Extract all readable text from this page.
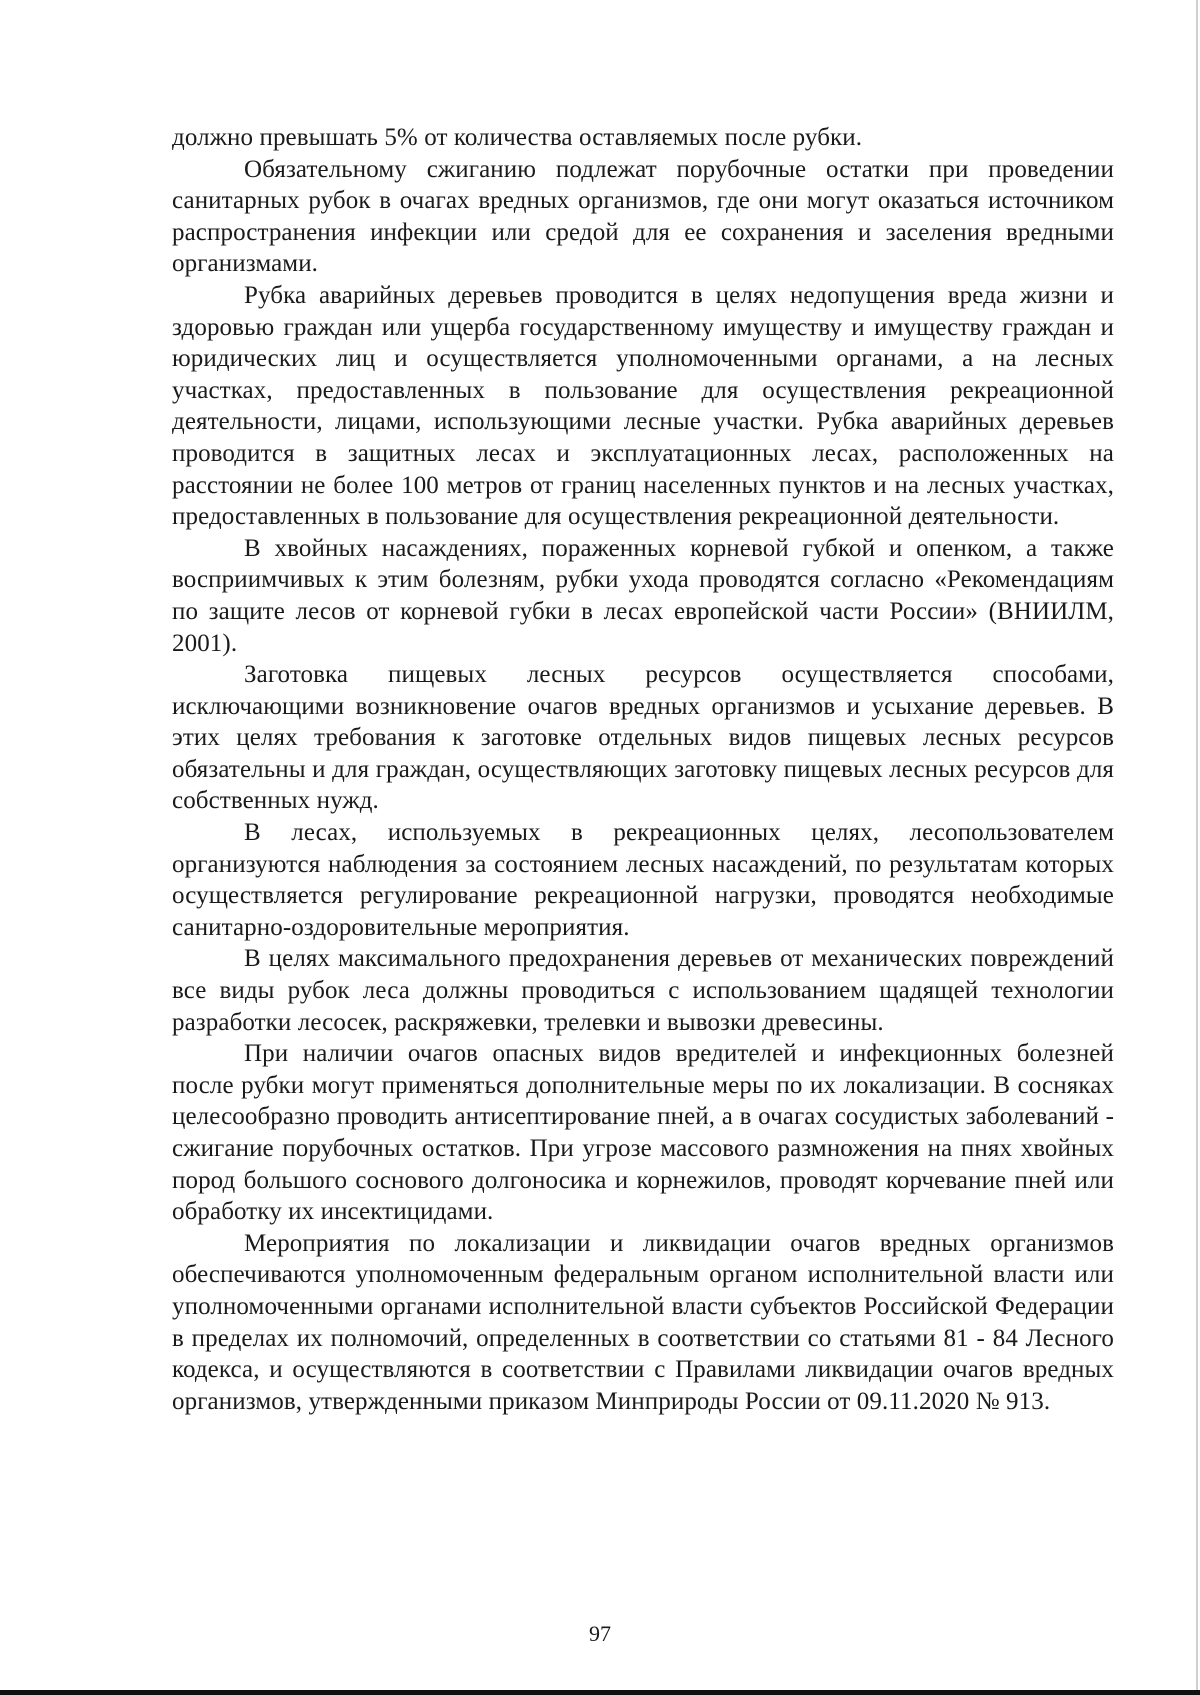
должно превышать 5% от количества оставляемых после рубки.

Обязательному сжиганию подлежат порубочные остатки при проведении санитарных рубок в очагах вредных организмов, где они могут оказаться источником распространения инфекции или средой для ее сохранения и заселения вредными организмами.

Рубка аварийных деревьев проводится в целях недопущения вреда жизни и здоровью граждан или ущерба государственному имуществу и имуществу граждан и юридических лиц и осуществляется уполномоченными органами, а на лесных участках, предоставленных в пользование для осуществления рекреационной деятельности, лицами, использующими лесные участки. Рубка аварийных деревьев проводится в защитных лесах и эксплуатационных лесах, расположенных на расстоянии не более 100 метров от границ населенных пунктов и на лесных участках, предоставленных в пользование для осуществления рекреационной деятельности.

В хвойных насаждениях, пораженных корневой губкой и опенком, а также восприимчивых к этим болезням, рубки ухода проводятся согласно «Рекомендациям по защите лесов от корневой губки в лесах европейской части России» (ВНИИЛМ, 2001).

Заготовка пищевых лесных ресурсов осуществляется способами, исключающими возникновение очагов вредных организмов и усыхание деревьев. В этих целях требования к заготовке отдельных видов пищевых лесных ресурсов обязательны и для граждан, осуществляющих заготовку пищевых лесных ресурсов для собственных нужд.

В лесах, используемых в рекреационных целях, лесопользователем организуются наблюдения за состоянием лесных насаждений, по результатам которых осуществляется регулирование рекреационной нагрузки, проводятся необходимые санитарно-оздоровительные мероприятия.

В целях максимального предохранения деревьев от механических повреждений все виды рубок леса должны проводиться с использованием щадящей технологии разработки лесосек, раскряжевки, трелевки и вывозки древесины.

При наличии очагов опасных видов вредителей и инфекционных болезней после рубки могут применяться дополнительные меры по их локализации. В сосняках целесообразно проводить антисептирование пней, а в очагах сосудистых заболеваний - сжигание порубочных остатков. При угрозе массового размножения на пнях хвойных пород большого соснового долгоносика и корнежилов, проводят корчевание пней или обработку их инсектицидами.

Мероприятия по локализации и ликвидации очагов вредных организмов обеспечиваются уполномоченным федеральным органом исполнительной власти или уполномоченными органами исполнительной власти субъектов Российской Федерации в пределах их полномочий, определенных в соответствии со статьями 81 - 84 Лесного кодекса, и осуществляются в соответствии с Правилами ликвидации очагов вредных организмов, утвержденными приказом Минприроды России от 09.11.2020 № 913.

97
